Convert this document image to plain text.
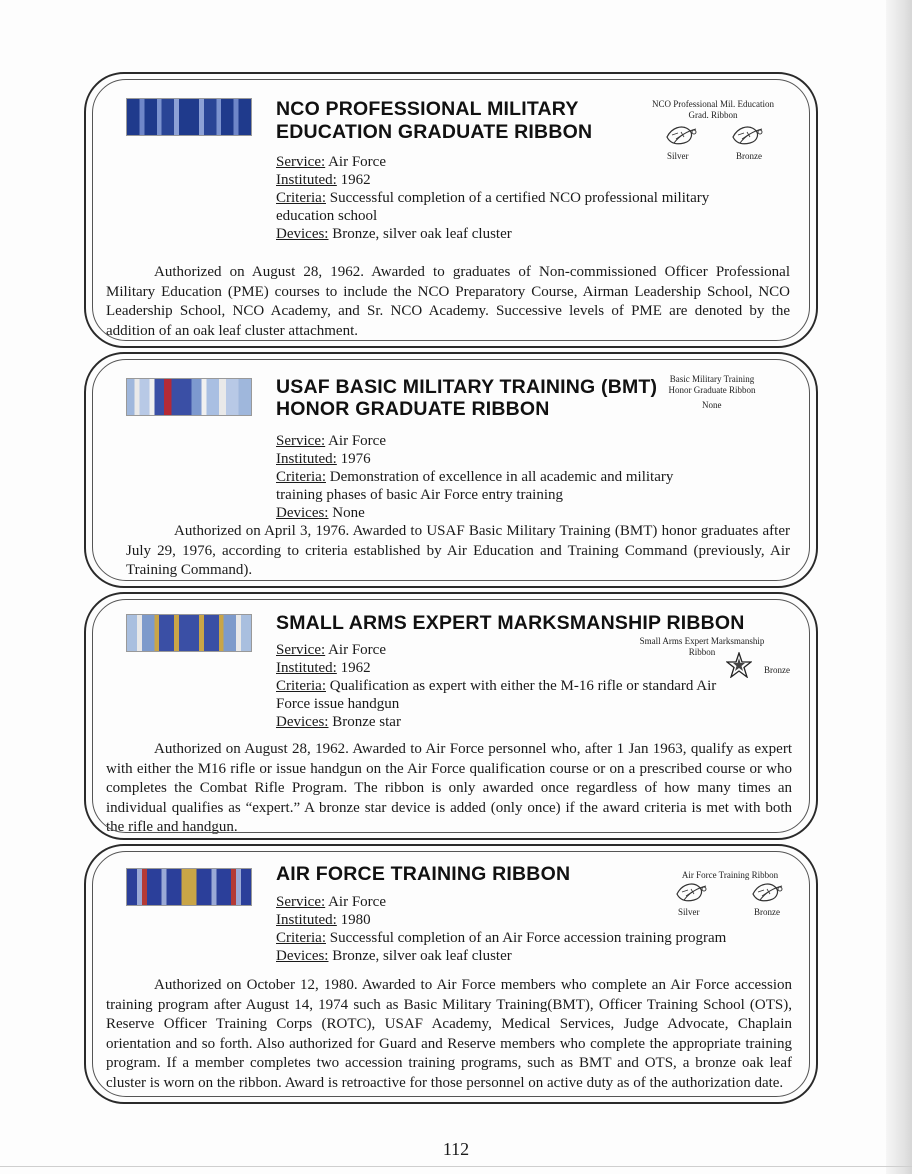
NCO PROFESSIONAL MILITARY
EDUCATION GRADUATE RIBBON
NCO Professional Mil. Education
Grad. Ribbon
Silver	Bronze
Service: Air Force
Instituted: 1962
Criteria: Successful completion of a certified NCO professional military
education school
Devices: Bronze, silver oak leaf cluster
Authorized on August 28, 1962. Awarded to graduates of Non-commissioned Officer Professional Military Education (PME) courses to include the NCO Preparatory Course, Airman Leadership School, NCO Leadership School, NCO Academy, and Sr. NCO Academy. Successive levels of PME are denoted by the addition of an oak leaf cluster attachment.
USAF BASIC MILITARY TRAINING (BMT)
HONOR GRADUATE RIBBON
Basic Military Training
Honor Graduate Ribbon
None
Service: Air Force
Instituted: 1976
Criteria: Demonstration of excellence in all academic and military
training phases of basic Air Force entry training
Devices: None
Authorized on April 3, 1976. Awarded to USAF Basic Military Training (BMT) honor graduates after July 29, 1976, according to criteria established by Air Education and Training Command (previously, Air Training Command).
SMALL ARMS EXPERT MARKSMANSHIP RIBBON
Small Arms Expert Marksmanship
Ribbon
Bronze
Service: Air Force
Instituted: 1962
Criteria: Qualification as expert with either the M-16 rifle or standard Air
Force issue handgun
Devices: Bronze star
Authorized on August 28, 1962. Awarded to Air Force personnel who, after 1 Jan 1963, qualify as expert with either the M16 rifle or issue handgun on the Air Force qualification course or on a prescribed course or who completes the Combat Rifle Program. The ribbon is only awarded once regardless of how many times an individual qualifies as “expert.” A bronze star device is added (only once) if the award criteria is met with both the rifle and handgun.
AIR FORCE TRAINING RIBBON	Air Force Training Ribbon
Silver	Bronze
Service: Air Force
Instituted: 1980
Criteria: Successful completion of an Air Force accession training program
Devices: Bronze, silver oak leaf cluster
Authorized on October 12, 1980. Awarded to Air Force members who complete an Air Force accession training program after August 14, 1974 such as Basic Military Training(BMT), Officer Training School (OTS), Reserve Officer Training Corps (ROTC), USAF Academy, Medical Services, Judge Advocate, Chaplain orientation and so forth. Also authorized for Guard and Reserve members who complete the appropriate training program. If a member completes two accession training programs, such as BMT and OTS, a bronze oak leaf cluster is worn on the ribbon. Award is retroactive for those personnel on active duty as of the authorization date.
112
